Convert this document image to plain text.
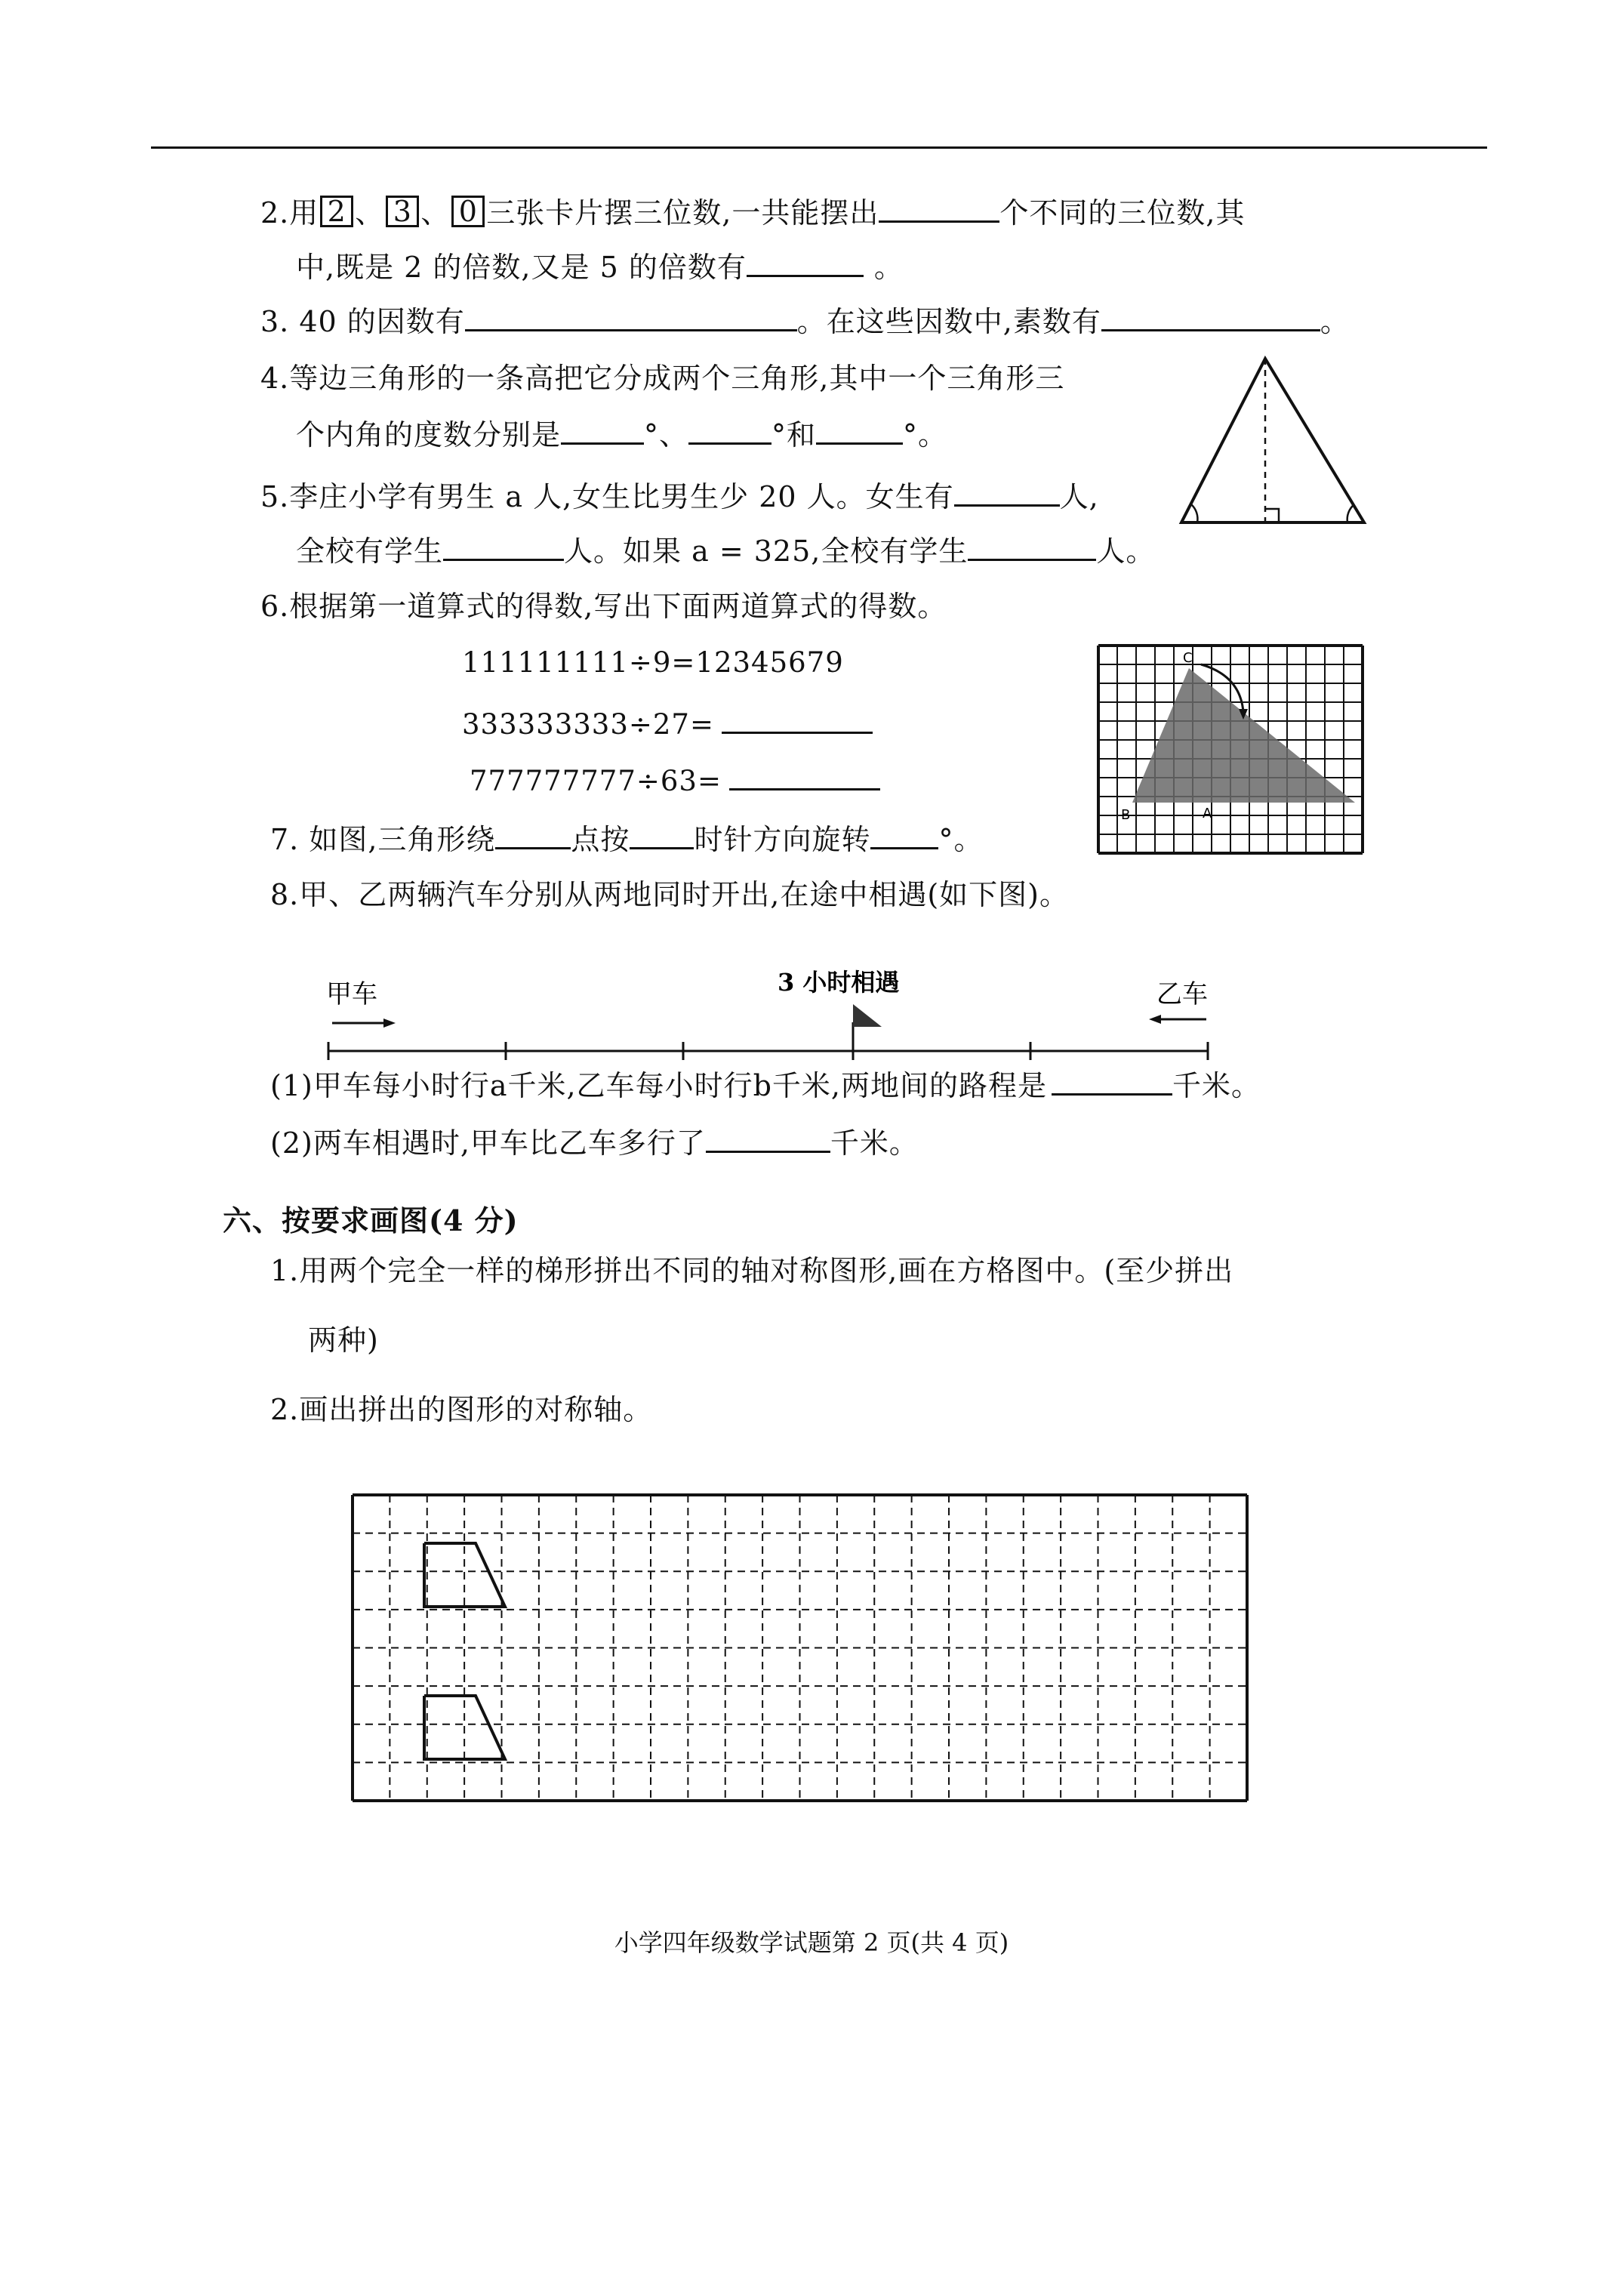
2.用 2 、 3 、 0 三张卡片摆三位数,一共能摆出	个不同的三位数,其
中,既是 2 的倍数,又是 5 的倍数有	。
3. 40 的因数有	。在这些因数中,素数有	。
4.等边三角形的一条高把它分成两个三角形,其中一个三角形三
个内角的度数分别是	°、	°和	°。
5.李庄小学有男生 a 人,女生比男生少 20 人。女生有	人,
全校有学生	人。如果 a = 325,全校有学生	人。
6.根据第一道算式的得数,写出下面两道算式的得数。
111111111÷9=12345679
333333333÷27=
777777777÷63=
C
B	A
7. 如图,三角形绕	点按 时针方向旋转 °。
8.甲、乙两辆汽车分别从两地同时开出,在途中相遇(如下图)。
甲车	乙车
3 小时相遇
(1)甲车每小时行a千米,乙车每小时行b千米,两地间的路程是	千米。
(2)两车相遇时,甲车比乙车多行了	千米。
六、按要求画图(4 分)
1.用两个完全一样的梯形拼出不同的轴对称图形,画在方格图中。(至少拼出
两种)
2.画出拼出的图形的对称轴。
小学四年级数学试题第 2 页(共 4 页)
